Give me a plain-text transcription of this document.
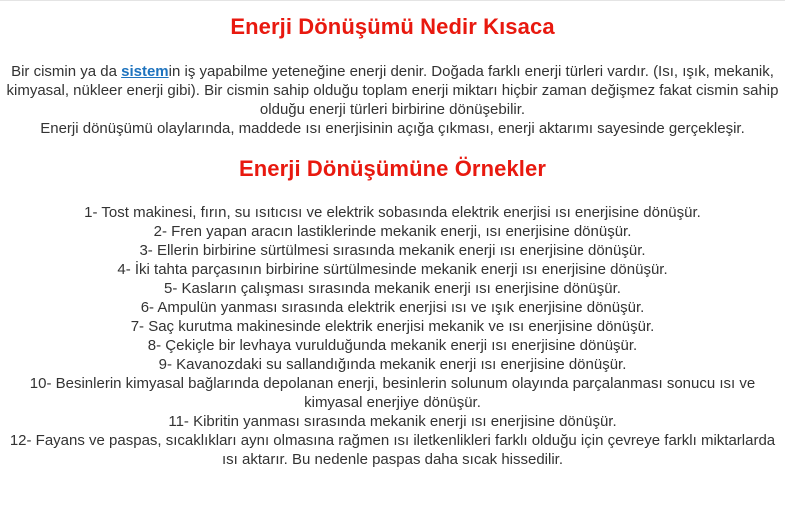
Enerji Dönüşümü Nedir Kısaca

Bir cismin ya da sistemin iş yapabilme yeteneğine enerji denir. Doğada farklı enerji türleri vardır. (Isı, ışık, mekanik, kimyasal, nükleer enerji gibi). Bir cismin sahip olduğu toplam enerji miktarı hiçbir zaman değişmez fakat cismin sahip olduğu enerji türleri birbirine dönüşebilir.
Enerji dönüşümü olaylarında, maddede ısı enerjisinin açığa çıkması, enerji aktarımı sayesinde gerçekleşir.

Enerji Dönüşümüne Örnekler
1- Tost makinesi, fırın, su ısıtıcısı ve elektrik sobasında elektrik enerjisi ısı enerjisine dönüşür.
2- Fren yapan aracın lastiklerinde mekanik enerji, ısı enerjisine dönüşür.
3- Ellerin birbirine sürtülmesi sırasında mekanik enerji ısı enerjisine dönüşür.
4- İki tahta parçasının birbirine sürtülmesinde mekanik enerji ısı enerjisine dönüşür.
5- Kasların çalışması sırasında mekanik enerji ısı enerjisine dönüşür.
6- Ampulün yanması sırasında elektrik enerjisi ısı ve ışık enerjisine dönüşür.
7- Saç kurutma makinesinde elektrik enerjisi mekanik ve ısı enerjisine dönüşür.
8- Çekiçle bir levhaya vurulduğunda mekanik enerji ısı enerjisine dönüşür.
9- Kavanozdaki su sallandığında mekanik enerji ısı enerjisine dönüşür.
10- Besinlerin kimyasal bağlarında depolanan enerji, besinlerin solunum olayında parçalanması sonucu ısı ve kimyasal enerjiye dönüşür.
11- Kibritin yanması sırasında mekanik enerji ısı enerjisine dönüşür.
12- Fayans ve paspas, sıcaklıkları aynı olmasına rağmen ısı iletkenlikleri farklı olduğu için çevreye farklı miktarlarda ısı aktarır. Bu nedenle paspas daha sıcak hissedilir.
